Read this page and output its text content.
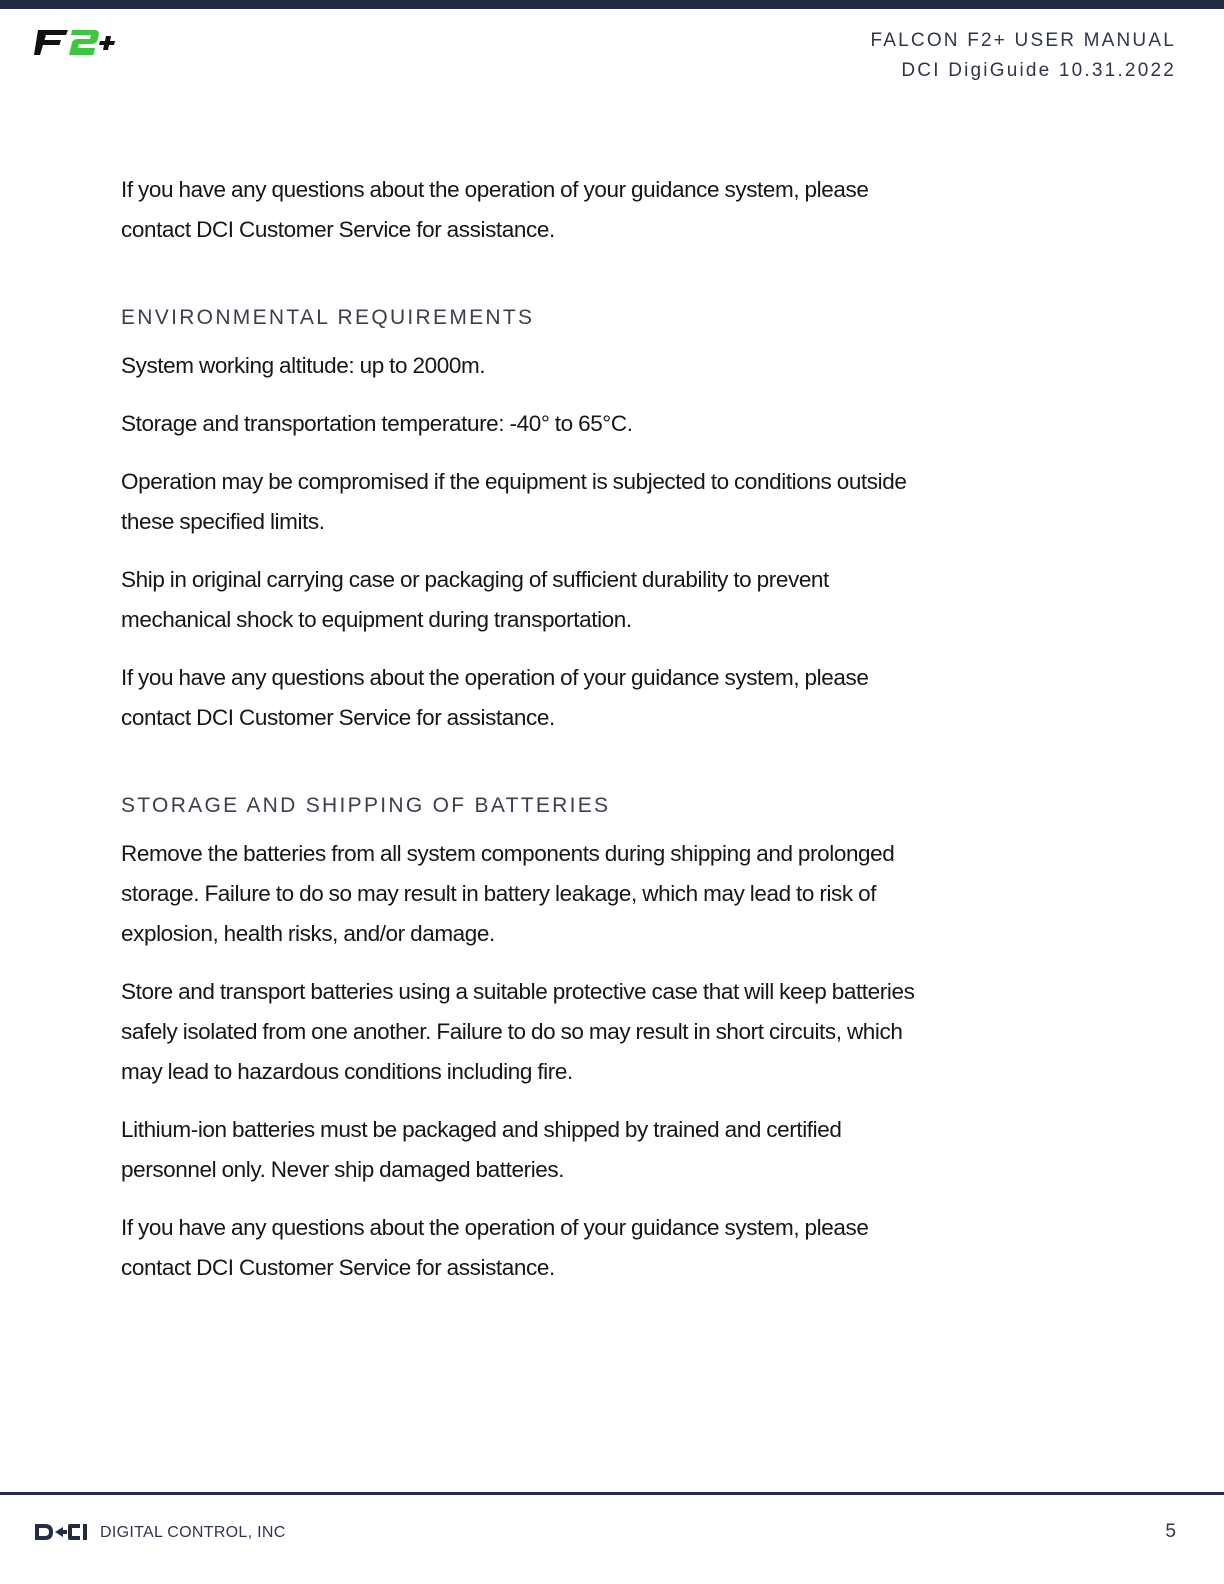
FALCON F2+ USER MANUAL
DCI DigiGuide 10.31.2022

If you have any questions about the operation of your guidance system, please contact DCI Customer Service for assistance.

ENVIRONMENTAL REQUIREMENTS

System working altitude: up to 2000m.

Storage and transportation temperature: -40° to 65°C.

Operation may be compromised if the equipment is subjected to conditions outside these specified limits.

Ship in original carrying case or packaging of sufficient durability to prevent mechanical shock to equipment during transportation.

If you have any questions about the operation of your guidance system, please contact DCI Customer Service for assistance.

STORAGE AND SHIPPING OF BATTERIES

Remove the batteries from all system components during shipping and prolonged storage. Failure to do so may result in battery leakage, which may lead to risk of explosion, health risks, and/or damage.

Store and transport batteries using a suitable protective case that will keep batteries safely isolated from one another. Failure to do so may result in short circuits, which may lead to hazardous conditions including fire.

Lithium-ion batteries must be packaged and shipped by trained and certified personnel only. Never ship damaged batteries.

If you have any questions about the operation of your guidance system, please contact DCI Customer Service for assistance.

DIGITAL CONTROL, INC	5
